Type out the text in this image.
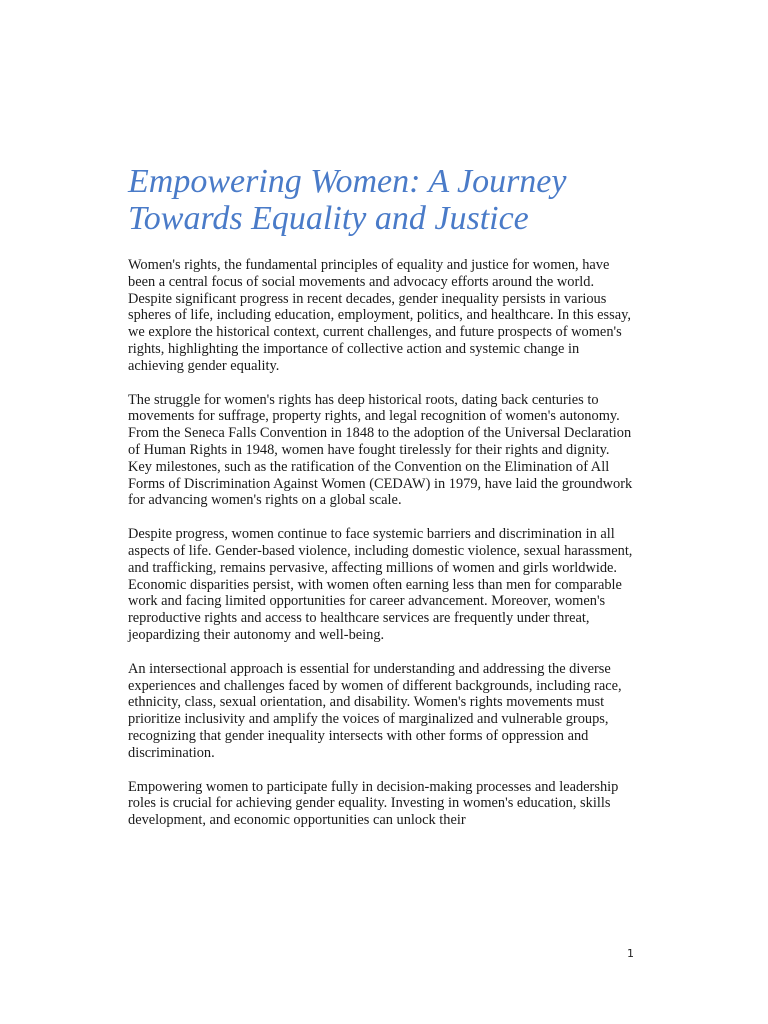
Empowering Women: A Journey Towards Equality and Justice

Women's rights, the fundamental principles of equality and justice for women, have been a central focus of social movements and advocacy efforts around the world. Despite significant progress in recent decades, gender inequality persists in various spheres of life, including education, employment, politics, and healthcare. In this essay, we explore the historical context, current challenges, and future prospects of women's rights, highlighting the importance of collective action and systemic change in achieving gender equality.

The struggle for women's rights has deep historical roots, dating back centuries to movements for suffrage, property rights, and legal recognition of women's autonomy. From the Seneca Falls Convention in 1848 to the adoption of the Universal Declaration of Human Rights in 1948, women have fought tirelessly for their rights and dignity. Key milestones, such as the ratification of the Convention on the Elimination of All Forms of Discrimination Against Women (CEDAW) in 1979, have laid the groundwork for advancing women's rights on a global scale.

Despite progress, women continue to face systemic barriers and discrimination in all aspects of life. Gender-based violence, including domestic violence, sexual harassment, and trafficking, remains pervasive, affecting millions of women and girls worldwide. Economic disparities persist, with women often earning less than men for comparable work and facing limited opportunities for career advancement. Moreover, women's reproductive rights and access to healthcare services are frequently under threat, jeopardizing their autonomy and well-being.

An intersectional approach is essential for understanding and addressing the diverse experiences and challenges faced by women of different backgrounds, including race, ethnicity, class, sexual orientation, and disability. Women's rights movements must prioritize inclusivity and amplify the voices of marginalized and vulnerable groups, recognizing that gender inequality intersects with other forms of oppression and discrimination.

Empowering women to participate fully in decision-making processes and leadership roles is crucial for achieving gender equality. Investing in women's education, skills development, and economic opportunities can unlock their

1
